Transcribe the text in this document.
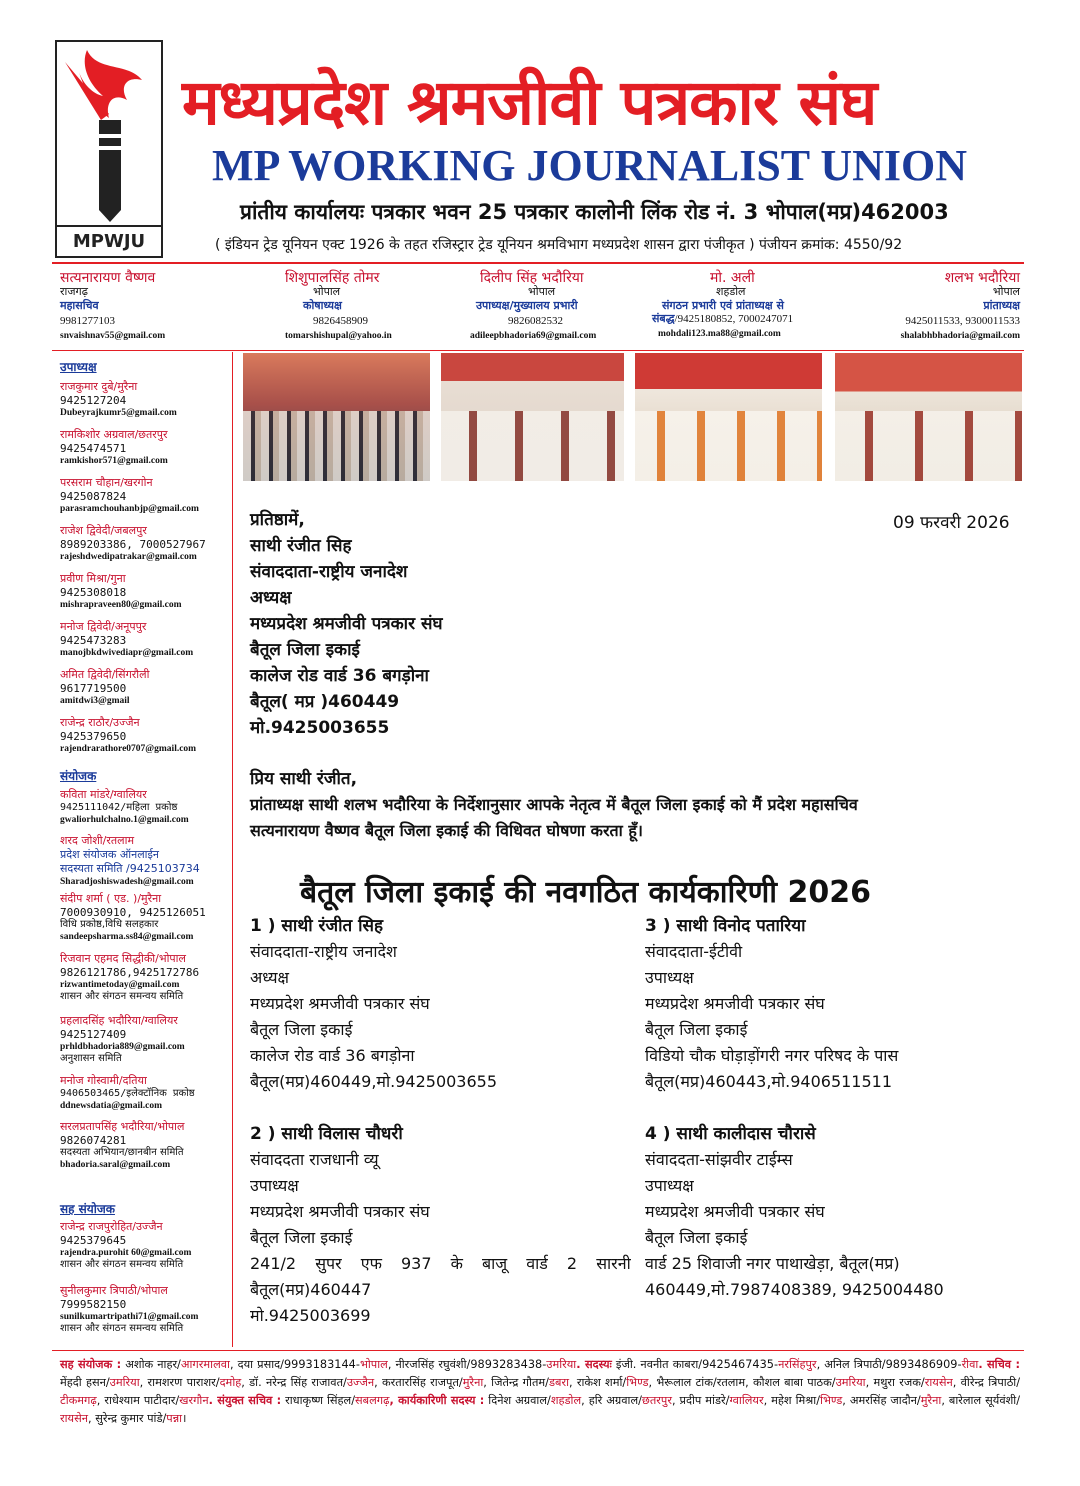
MPWJU
मध्यप्रदेश श्रमजीवी पत्रकार संघ
MP WORKING JOURNALIST UNION
प्रांतीय कार्यालयः पत्रकार भवन 25 पत्रकार कालोनी लिंक रोड नं. 3 भोपाल(मप्र)462003
( इंडियन ट्रेड यूनियन एक्ट 1926 के तहत रजिस्ट्रार ट्रेड यूनियन श्रमविभाग मध्यप्रदेश शासन द्वारा पंजीकृत ) पंजीयन क्रमांक: 4550/92
सत्यनारायण वैष्णव
राजगढ़
महासचिव
9981277103
snvaishnav55@gmail.com
शिशुपालसिंह तोमर
भोपाल
कोषाध्यक्ष
9826458909
tomarshishupal@yahoo.in
दिलीप सिंह भदौरिया
भोपाल
उपाध्यक्ष/मुख्यालय प्रभारी
9826082532
adileepbhadoria69@gmail.com
मो. अली
शहडोल
संगठन प्रभारी एवं प्रांताध्यक्ष से
संबद्ध/9425180852, 7000247071
mohdali123.ma88@gmail.com
शलभ भदौरिया
भोपाल
प्रांताध्यक्ष
9425011533, 9300011533
shalabhbhadoria@gmail.com
उपाध्यक्ष
राजकुमार दुबे/मुरैना
9425127204
Dubeyrajkumr5@gmail.com
रामकिशोर अग्रवाल/छतरपुर
9425474571
ramkishor571@gmail.com
परसराम चौहान/खरगोन
9425087824
parasramchouhanbjp@gmail.com
राजेश द्विवेदी/जबलपुर
8989203386, 7000527967
rajeshdwedipatrakar@gmail.com
प्रवीण मिश्रा/गुना
9425308018
mishrapraveen80@gmail.com
मनोज द्विवेदी/अनूपपुर
9425473283
manojbkdwivediapr@gmail.com
अमित द्विवेदी/सिंगरौली
9617719500
amitdwi3@gmail
राजेन्द्र राठौर/उज्जैन
9425379650
rajendrarathore0707@gmail.com
संयोजक
कविता मांडरे/ग्वालियर
9425111042/महिला प्रकोष्ठ
gwaliorhulchalno.1@gmail.com
शरद जोशी/रतलाम
प्रदेश संयोजक ऑनलाईन
सदस्यता समिति /9425103734
Sharadjoshiswadesh@gmail.com
संदीप शर्मा ( एड. )/मुरैना
7000930910, 9425126051
विधि प्रकोष्ठ,विधि सलहकार
sandeepsharma.ss84@gmail.com
रिजवान एहमद सिद्धीकी/भोपाल
9826121786,9425172786
rizwantimetoday@gmail.com
शासन और संगठन समन्वय समिति
प्रहलादसिंह भदौरिया/ग्वालियर
9425127409
prhldbhadoria889@gmail.com
अनुशासन समिति
मनोज गोस्वामी/दतिया
9406503465/इलेक्टॉनिक प्रकोष्ठ
ddnewsdatia@gmail.com
सरलप्रतापसिंह भदौरिया/भोपाल
9826074281
सदस्यता अभियान/छानबीन समिति
bhadoria.saral@gmail.com
सह संयोजक
राजेन्द्र राजपुरोहित/उज्जैन
9425379645
rajendra.purohit 60@gmail.com
शासन और संगठन समन्वय समिति
सुनीलकुमार त्रिपाठी/भोपाल
7999582150
sunilkumartripathi71@gmail.com
शासन और संगठन समन्वय समिति
09 फरवरी 2026
प्रतिष्ठामें,
साथी रंजीत सिह
संवाददाता-राष्ट्रीय जनादेश
अध्यक्ष
मध्यप्रदेश श्रमजीवी पत्रकार संघ
बैतूल जिला इकाई
कालेज रोड वार्ड 36 बगड़ोना
बैतूल( मप्र )460449
मो.9425003655
प्रिय साथी रंजीत,
प्रांताध्यक्ष साथी शलभ भदौरिया के निर्देशानुसार आपके नेतृत्व में बैतूल जिला इकाई को मैं प्रदेश महासचिव
सत्यनारायण वैष्णव बैतूल जिला इकाई की विधिवत घोषणा करता हूँ।
बैतूल जिला इकाई की नवगठित कार्यकारिणी 2026
1 ) साथी रंजीत सिह
संवाददाता-राष्ट्रीय जनादेश
अध्यक्ष
मध्यप्रदेश श्रमजीवी पत्रकार संघ
बैतूल जिला इकाई
कालेज रोड वार्ड 36 बगड़ोना
बैतूल(मप्र)460449,मो.9425003655
2 ) साथी विलास चौधरी
संवाददता राजधानी व्यू
उपाध्यक्ष
मध्यप्रदेश श्रमजीवी पत्रकार संघ
बैतूल जिला इकाई
241/2 सुपर एफ 937 के बाजू वार्ड 2 सारनी
बैतूल(मप्र)460447
मो.9425003699
3 ) साथी विनोद पतारिया
संवाददाता-ईटीवी
उपाध्यक्ष
मध्यप्रदेश श्रमजीवी पत्रकार संघ
बैतूल जिला इकाई
विडियो चौक घोड़ाड़ोंगरी नगर परिषद के पास
बैतूल(मप्र)460443,मो.9406511511
4 ) साथी कालीदास चौरासे
संवाददता-सांझवीर टाईम्स
उपाध्यक्ष
मध्यप्रदेश श्रमजीवी पत्रकार संघ
बैतूल जिला इकाई
वार्ड 25 शिवाजी नगर पाथाखेड़ा, बैतूल(मप्र)
460449,मो.7987408389, 9425004480
सह संयोजक : अशोक नाहर/आगरमालवा, दया प्रसाद/9993183144-भोपाल, नीरजसिंह रघुवंशी/9893283438-उमरिया. सदस्यः इंजी. नवनीत काबरा/9425467435-नरसिंहपुर, अनिल त्रिपाठी/9893486909-रीवा. सचिव : मेंहदी हसन/उमरिया, रामशरण पाराशर/दमोह, डॉ. नरेन्द्र सिंह राजावत/उज्जैन, करतारसिंह राजपूत/मुरैना, जितेन्द्र गौतम/डबरा, राकेश शर्मा/भिण्ड, भैरूलाल टांक/रतलाम, कौशल बाबा पाठक/उमरिया, मथुरा रजक/रायसेन, वीरेन्द्र त्रिपाठी/टीकमगढ़, राधेश्याम पाटीदार/खरगौन. संयुक्त सचिव : राधाकृष्ण सिंहल/सबलगढ़, कार्यकारिणी सदस्य : दिनेश अग्रवाल/शहडोल, हरि अग्रवाल/छतरपुर, प्रदीप मांडरे/ग्वालियर, महेश मिश्रा/भिण्ड, अमरसिंह जादौन/मुरैना, बारेलाल सूर्यवंशी/रायसेन, सुरेन्द्र कुमार पांडे/पन्ना।
